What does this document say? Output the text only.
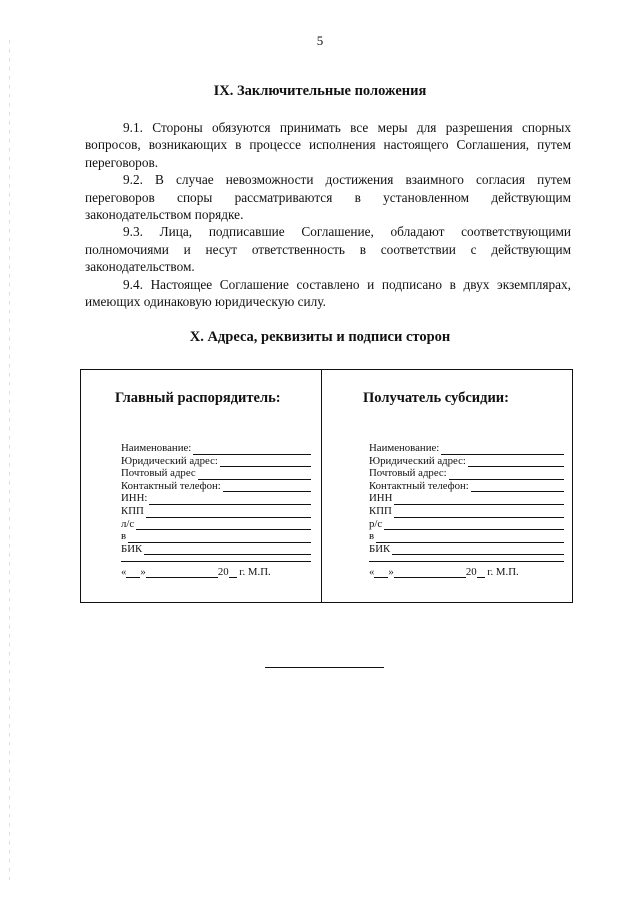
5
IX. Заключительные положения

9.1. Стороны обязуются принимать все меры для разрешения спорных вопросов, возникающих в процессе исполнения настоящего Соглашения, путем переговоров.

9.2. В случае невозможности достижения взаимного согласия путем переговоров споры рассматриваются в установленном действующим законодательством порядке.

9.3. Лица, подписавшие Соглашение, обладают соответствующими полномочиями и несут ответственность в соответствии с действующим законодательством.

9.4. Настоящее Соглашение составлено и подписано в двух экземплярах, имеющих одинаковую юридическую силу.

X. Адреса, реквизиты и подписи сторон
Главный распорядитель:
Наименование:
Юридический адрес:
Почтовый адрес
Контактный телефон:
ИНН:
КПП
л/с
в
БИК
« »	20 г. М.П.
Получатель субсидии:
Наименование:
Юридический адрес:
Почтовый адрес:
Контактный телефон:
ИНН
КПП
р/с
в
БИК
« »	20 г. М.П.
